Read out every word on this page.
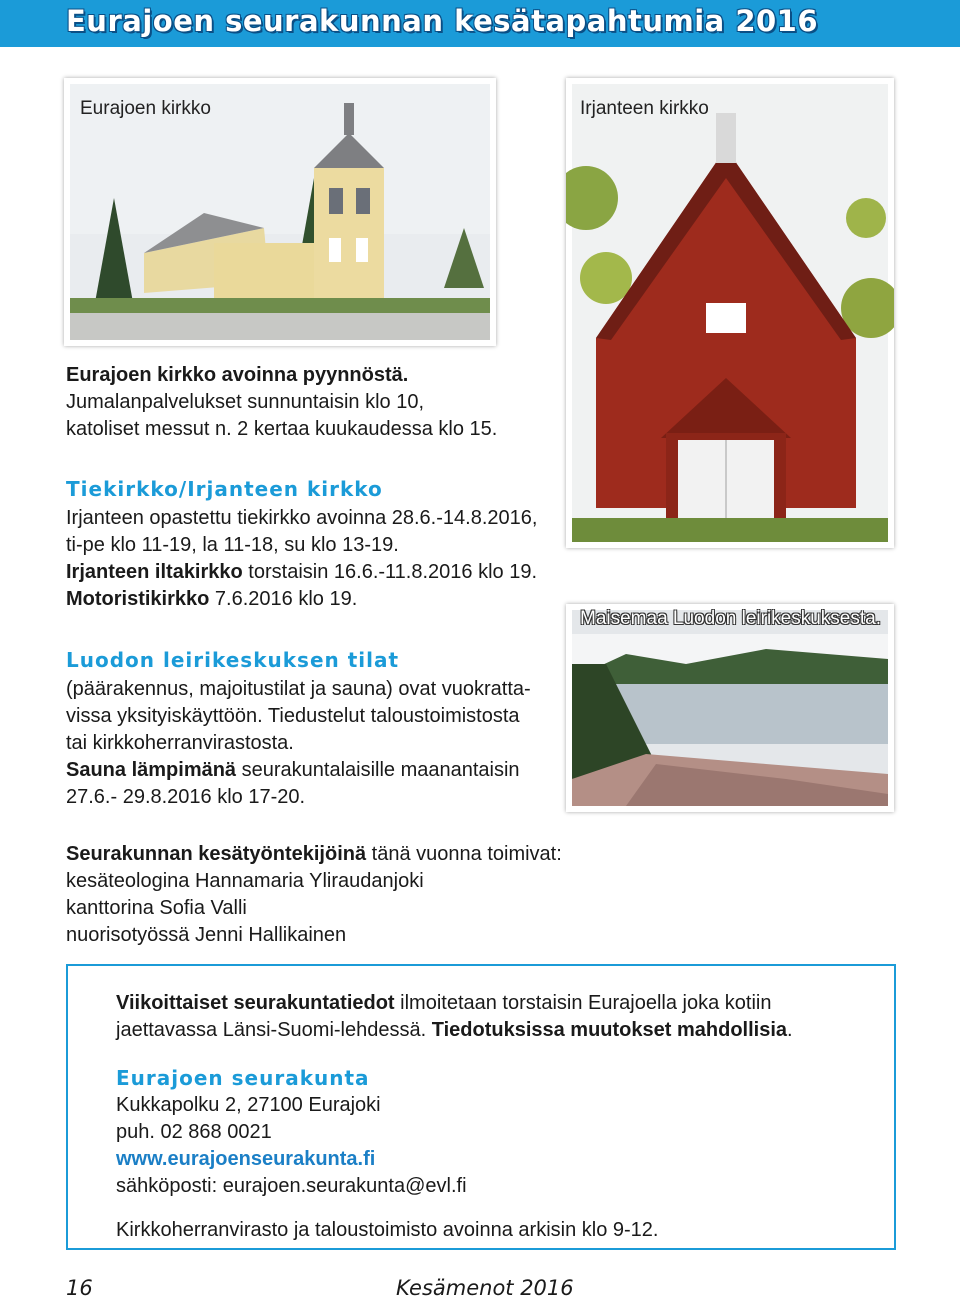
Eurajoen seurakunnan kesätapahtumia 2016
Eurajoen kirkko	Irjanteen kirkko
Maisemaa Luodon leirikeskuksesta.
Eurajoen kirkko avoinna pyynnöstä.
Jumalanpalvelukset sunnuntaisin klo 10,
katoliset messut n. 2 kertaa kuukaudessa klo 15.
Tiekirkko/Irjanteen kirkko
Irjanteen opastettu tiekirkko avoinna 28.6.-14.8.2016,
ti-pe klo 11-19, la 11-18, su klo 13-19.
Irjanteen iltakirkko torstaisin 16.6.-11.8.2016 klo 19.
Motoristikirkko 7.6.2016 klo 19.
Luodon leirikeskuksen tilat
(päärakennus, majoitustilat ja sauna) ovat vuokratta-
vissa yksityiskäyttöön. Tiedustelut taloustoimistosta
tai kirkkoherranvirastosta.
Sauna lämpimänä seurakuntalaisille maanantaisin
27.6.- 29.8.2016 klo 17-20.
Seurakunnan kesätyöntekijöinä tänä vuonna toimivat:
kesäteologina Hannamaria Yliraudanjoki
kanttorina Sofia Valli
nuorisotyössä Jenni Hallikainen
Viikoittaiset seurakuntatiedot ilmoitetaan torstaisin Eurajoella joka kotiin
jaettavassa Länsi-Suomi-lehdessä. Tiedotuksissa muutokset mahdollisia.
Eurajoen seurakunta
Kukkapolku 2, 27100 Eurajoki
puh. 02 868 0021
www.eurajoenseurakunta.fi
sähköposti: eurajoen.seurakunta@evl.fi
Kirkkoherranvirasto ja taloustoimisto avoinna arkisin klo 9-12.
16	Kesämenot 2016
